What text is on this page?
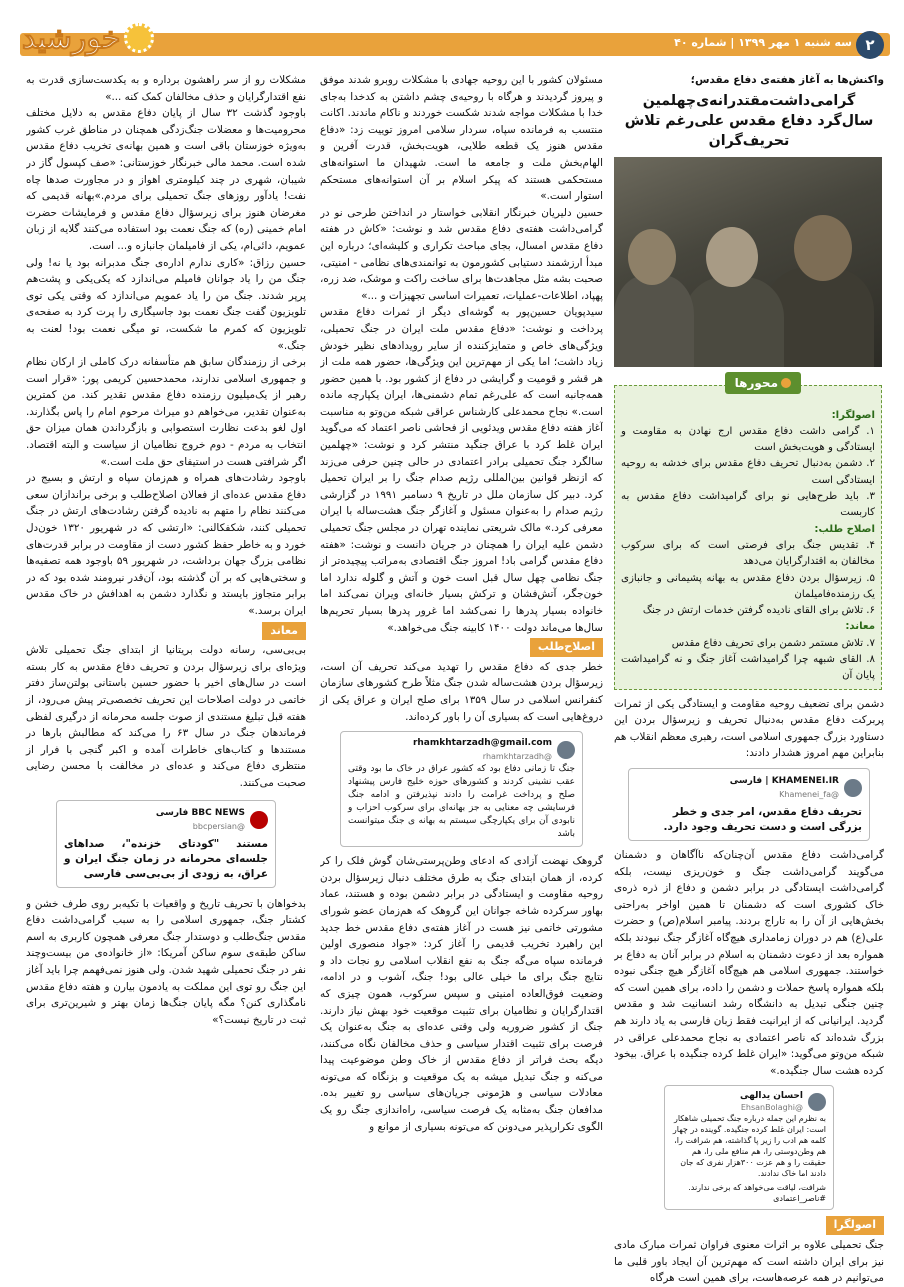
خورشید	سه شنبه ۱ مهر ۱۳۹۹ | شماره ۴۰ ۲

واکنش‌ها به آغاز هفته‌ی دفاع مقدس؛

گرامی‌داشت‌مقتدرانه‌ی‌چهلمین سال‌گرد دفاع مقدس علی‌رغم تلاش تحریف‌گران

محورها

اصولگرا:

۱. گرامی داشت دفاع مقدس ارج نهادن به مقاومت و ایستادگی و هویت‌بخش است

۲. دشمن به‌دنبال تحریف دفاع مقدس برای خدشه به روحیه ایستادگی است

۳. باید طرح‌هایی نو برای گرامیداشت دفاع مقدس به کاربست

اصلاح طلب:

۴. تقدیس جنگ برای فرصتی است که برای سرکوب مخالفان به اقتدارگرایان می‌دهد

۵. زیرسؤال بردن دفاع مقدس به بهانه پشیمانی و جانبازی یک رزمنده‌فامیلمان

۶. تلاش برای القای نادیده گرفتن خدمات ارتش در جنگ

معاند:

۷. تلاش مستمر دشمن برای تحریف دفاع مقدس

۸. القای شبهه چرا گرامیداشت آغاز جنگ و نه گرامیداشت پایان آن

دشمن برای تضعیف روحیه مقاومت و ایستادگی یکی از ثمرات پربرکت دفاع مقدس به‌دنبال تحریف و زیرسؤال بردن این دستاورد بزرگ جمهوری اسلامی است، رهبری معظم انقلاب هم بنابراین مهم امروز هشدار دادند:

KHAMENEI.IR | فارسی
@Khamenei_fa
تحریف دفاع مقدس، امر جدی و خطر بزرگی است و دست تحریف وجود دارد.

گرامی‌داشت دفاع مقدس آن‌چنان‌که ناآگاهان و دشمنان می‌گویند گرامی‌داشت جنگ و خون‌ریزی نیست، بلکه گرامی‌داشت ایستادگی در برابر دشمن و دفاع از ذره ذره‌ی خاک کشوری است که دشمنان تا همین اواخر به‌راحتی بخش‌هایی از آن را به تاراج بردند. پیامبر اسلام(ص) و حضرت علی(ع) هم در دوران زمامداری هیچ‌گاه آغازگر جنگ نبودند بلکه همواره بعد از دعوت دشمنان به اسلام در برابر آنان به دفاع بر خواستند. جمهوری اسلامی هم هیچ‌گاه آغازگر هیچ جنگی نبوده بلکه همواره پاسخ حملات و دشمن را داده، برای همین است که چنین جنگی تبدیل به دانشگاه رشد انسانیت شد و مقدس گردید. ایرانیانی که از ایرانیت فقط زبان فارسی به یاد دارند هم بزرگ شده‌اند که ناصر اعتمادی به نجاح محمدعلی عراقی در شبکه من‌وتو می‌گوید: «ایران غلط کرده جنگیده با عراق. بیخود کرده هشت سال جنگیده.»

احسان یدالهی
@EhsanBolaghi
به نظرم این جمله درباره جنگ تحمیلی شاهکار است: ایران غلط کرده جنگیده. گوینده در چهار کلمه هم ادب را زیر پا گذاشته، هم شرافت را، هم وطن‌دوستی را، هم منافع ملی را، هم حقیقت را و هم عزت ۳۰۰هزار نفری که جان دادند اما خاک ندادند.
شرافت، لیاقت می‌خواهد که برخی ندارند. #ناصر_اعتمادی
اصولگرا

جنگ تحمیلی علاوه بر اثرات معنوی فراوان ثمرات مبارک مادی نیز برای ایران داشته است که مهم‌ترین آن ایجاد باور قلبی ما می‌توانیم در همه عرصه‌هاست، برای همین است هرگاه

مسئولان کشور با این روحیه جهادی با مشکلات روبرو شدند موفق و پیروز گردیدند و هرگاه با روحیه‌ی چشم داشتن به کدخدا به‌جای خدا با مشکلات مواجه شدند شکست خوردند و ناکام ماندند. اکانت منتسب به فرمانده سپاه، سردار سلامی امروز توییت زد: «دفاع مقدس هنوز یک قطعه طلایی، هویت‌بخش، قدرت آفرین و الهام‌بخش ملت و جامعه ما است. شهیدان ما استوانه‌های مستحکمی هستند که پیکر اسلام بر آن استوانه‌های مستحکم استوار است.»

حسین دلیریان خبرنگار انقلابی خواستار در انداختن طرحی نو در گرامی‌داشت هفته‌ی دفاع مقدس شد و نوشت: «کاش در هفته دفاع مقدس امسال، بجای مباحث تکراری و کلیشه‌ای؛ درباره این مبدأ ارزشمند دستیابی کشورمون به توانمندی‌های نظامی - امنیتی، صحبت بشه مثل مجاهدت‌ها برای ساخت راکت و موشک، ضد زره، پهپاد، اطلاعات-عملیات، تعمیرات اساسی تجهیزات و ...»

سیدپویان حسین‌پور به گوشه‌ای دیگر از ثمرات دفاع مقدس پرداخت و نوشت: «دفاع مقدس ملت ایران در جنگ تحمیلی، ویژگی‌های خاص و متمایزکننده از سایر رویدادهای نظیر خودش زیاد داشت؛ اما یکی از مهم‌ترین این ویژگی‌ها، حضور همه ملت از هر قشر و قومیت و گرایشی در دفاع از کشور بود. با همین حضور همه‌جانبه است که علی‌رغم تمام دشمنی‌ها، ایران یکپارچه مانده است.» نجاح محمدعلی کارشناس عراقی شبکه من‌وتو به مناسبت آغاز هفته دفاع مقدس ویدئویی از فحاشی ناصر اعتماد که می‌گوید ایران غلط کرد با عراق جنگید منتشر کرد و نوشت: «چهلمین سالگرد جنگ تحمیلی برادر اعتمادی در حالی چنین حرفی می‌زند که ازنظر قوانین بین‌المللی رژیم صدام جنگ را بر ایران تحمیل کرد. دبیر کل سازمان ملل در تاریخ ۹ دسامبر ۱۹۹۱ در گزارشی رژیم صدام را به‌عنوان مسئول و آغازگر جنگ هشت‌ساله با ایران معرفی کرد.» مالک شریعتی نماینده تهران در مجلس جنگ تحمیلی دشمن علیه ایران را همچنان در جریان دانست و نوشت: «هفته دفاع مقدس گرامی باد! امروز جنگ اقتصادی به‌مراتب پیچیده‌تر از جنگ نظامی چهل سال قبل است خون و آتش و گلوله ندارد اما خون‌جگر، آتش‌فشان و ترکش بسیار خانه‌ای ویران نمی‌کند اما خانواده بسیار پدرها را نمی‌کشد اما غرور پدرها بسیار تحریم‌ها سال‌ها می‌ماند دولت ۱۴۰۰ کابینه جنگ می‌خواهد.»

اصلاح‌طلب

خطر جدی که دفاع مقدس را تهدید می‌کند تحریف آن است، زیرسؤال بردن هشت‌ساله شدن جنگ مثلاً طرح کشورهای سازمان کنفرانس اسلامی در سال ۱۳۵۹ برای صلح ایران و عراق یکی از دروغ‌هایی است که بسیاری آن را باور کرده‌اند.

rhamkhtarzadh@gmail.com
@rhamkhtarzadh
جنگ تا زمانی دفاع بود که کشور عراق در خاک ما بود وقتی عقب نشینی کردند و کشورهای حوزه خلیج فارس پیشنهاد صلح و پرداخت غرامت را دادند نپذیرفتن و ادامه جنگ فرسایشی چه معنایی به جز بهانه‌ای برای سرکوب احزاب و نابودی آن برای یکپارچگی سیستم به بهانه ی جنگ میتوانست باشد

گروهک نهضت آزادی که ادعای وطن‌پرستی‌شان گوش فلک را کر کرده، از همان ابتدای جنگ به طرق مختلف دنبال زیرسؤال بردن روحیه مقاومت و ایستادگی در برابر دشمن بوده و هستند، عماد بهاور سرکرده شاخه جوانان این گروهک که هم‌زمان عضو شورای مشورتی خاتمی نیز هست در آغاز هفته‌ی دفاع مقدس خط جدید این راهبرد تخریب قدیمی را آغاز کرد: «جواد منصوری اولین فرمانده سپاه می‌گه جنگ به نفع انقلاب اسلامی رو نجات داد و نتایج جنگ برای ما خیلی عالی بود! جنگ، آشوب و در ادامه، وضعیت فوق‌العاده امنیتی و سپس سرکوب، همون چیزی که اقتدارگرایان و نظامیان برای تثبیت موقعیت خود بهش نیاز دارند. جنگ از کشور ضروریه ولی وقتی عده‌ای به جنگ به‌عنوان یک فرصت برای تثبیت اقتدار سیاسی و حذف مخالفان نگاه می‌کنند، دیگه بحث فراتر از دفاع مقدس از خاک وطن موضوعیت پیدا می‌کنه و جنگ تبدیل میشه به یک موقعیت و بزنگاه که می‌تونه معادلات سیاسی و هژمونی جریان‌های سیاسی رو تغییر بده. مدافعان جنگ به‌مثابه یک فرصت سیاسی، راه‌اندازی جنگ رو یک الگوی تکرارپذیر می‌دونن که می‌تونه بسیاری از موانع و

مشکلات رو از سر راهشون برداره و به یکدست‌سازی قدرت به نفع اقتدارگرایان و حذف مخالفان کمک کنه ...»

باوجود گذشت ۳۲ سال از پایان دفاع مقدس به دلایل مختلف محرومیت‌ها و معضلات جنگ‌زدگی همچنان در مناطق غرب کشور به‌ویژه خوزستان باقی است و همین بهانه‌ی تخریب دفاع مقدس شده است. محمد مالی خبرنگار خوزستانی: «صف کپسول گاز در شیبان، شهری در چند کیلومتری اهواز و در مجاورت صدها چاه نفت! یادآور روزهای جنگ تحمیلی برای مردم.»بهانه قدیمی که مغرضان هنوز برای زیرسؤال دفاع مقدس و فرمایشات حضرت امام خمینی (ره) که جنگ نعمت بود استفاده می‌کنند گلایه از زبان عمویم، دائی‌ام، یکی از فامیلمان جانبازه و... است.

حسین رزاق: «کاری ندارم اداره‌ی جنگ مدبرانه بود یا نه! ولی جنگ من را یاد جوانان فامیلم می‌اندازد که یکی‌یکی و پشت‌هم پرپر شدند. جنگ من را یاد عمویم می‌اندازد که وقتی یکی توی تلویزیون گفت جنگ نعمت بود جاسیگاری را پرت کرد به صفحه‌ی تلویزیون که کمرم ما شکست، تو میگی نعمت بود! لعنت به جنگ.»

برخی از رزمندگان سابق هم متأسفانه درک کاملی از ارکان نظام و جمهوری اسلامی ندارند، محمدحسین کریمی پور: «قرار است رهبر از یک‌میلیون رزمنده دفاع مقدس تقدیر کند. من کمترین به‌عنوان تقدیر، می‌خواهم دو میراث مرحوم امام را پاس بگذارند. اول لغو بدعت نظارت استصوابی و بازگرداندن همان میزان حق انتخاب به مردم - دوم خروج نظامیان از سیاست و البته اقتصاد. اگر شرافتی هست در استیفای حق ملت است.»

باوجود رشادت‌های همراه و هم‌زمان سپاه و ارتش و بسیج در دفاع مقدس عده‌ای از فعالان اصلاح‌طلب و برخی براندازان سعی می‌کنند نظام را متهم به نادیده گرفتن رشادت‌های ارتش در جنگ تحمیلی کنند، شکفکالنی: «ارتشی که در شهریور ۱۳۲۰ خون‌دل خورد و به خاطر حفظ کشور دست از مقاومت در برابر قدرت‌های نظامی بزرگ جهان برداشت، در شهریور ۵۹ باوجود همه تصفیه‌ها و سختی‌هایی که بر آن گذشته بود، آن‌قدر نیرومند شده بود که در برابر متجاوز بایستد و نگذارد دشمن به اهدافش در خاک مقدس ایران برسد.»

معاند

بی‌بی‌سی، رسانه دولت بریتانیا از ابتدای جنگ تحمیلی تلاش ویژه‌ای برای زیرسؤال بردن و تحریف دفاع مقدس به کار بسته است در سال‌های اخیر با حضور حسین باستانی بولتن‌ساز دفتر خاتمی در دولت اصلاحات این تحریف تخصصی‌تر پیش می‌رود، از هفته قبل تبلیغ مستندی از صوت جلسه محرمانه از درگیری لفظی فرماندهان جنگ در سال ۶۳ را می‌کند که مطالبش بارها در مستندها و کتاب‌های خاطرات آمده و اکبر گنجی با فرار از منتظری دفاع می‌کند و عده‌ای در مخالفت با محسن رضایی صحبت می‌کنند.

BBC NEWS فارسی
@bbcpersian
مستند "کودتای خزنده"، صداهای جلسه‌ای محرمانه در زمان جنگ ایران و عراق، به زودی از بی‌بی‌سی فارسی

بدخواهان با تحریف تاریخ و واقعیات با تکیه‌بر روی طرف خشن و کشتار جنگ، جمهوری اسلامی را به سبب گرامی‌داشت دفاع مقدس جنگ‌طلب و دوستدار جنگ معرفی همچون کاربری به اسم ساکن طبقه‌ی سوم ساکن آمریکا: «از خانواده‌ی من بیست‌وچند نفر در جنگ تحمیلی شهید شدن. ولی هنوز نمی‌فهمم چرا باید آغاز این جنگ رو توی این مملکت به یادمون بیارن و هفته دفاع مقدس نامگذاری کنن؟ مگه پایان جنگ‌ها زمان بهتر و شیرین‌تری برای ثبت در تاریخ نیست؟»
